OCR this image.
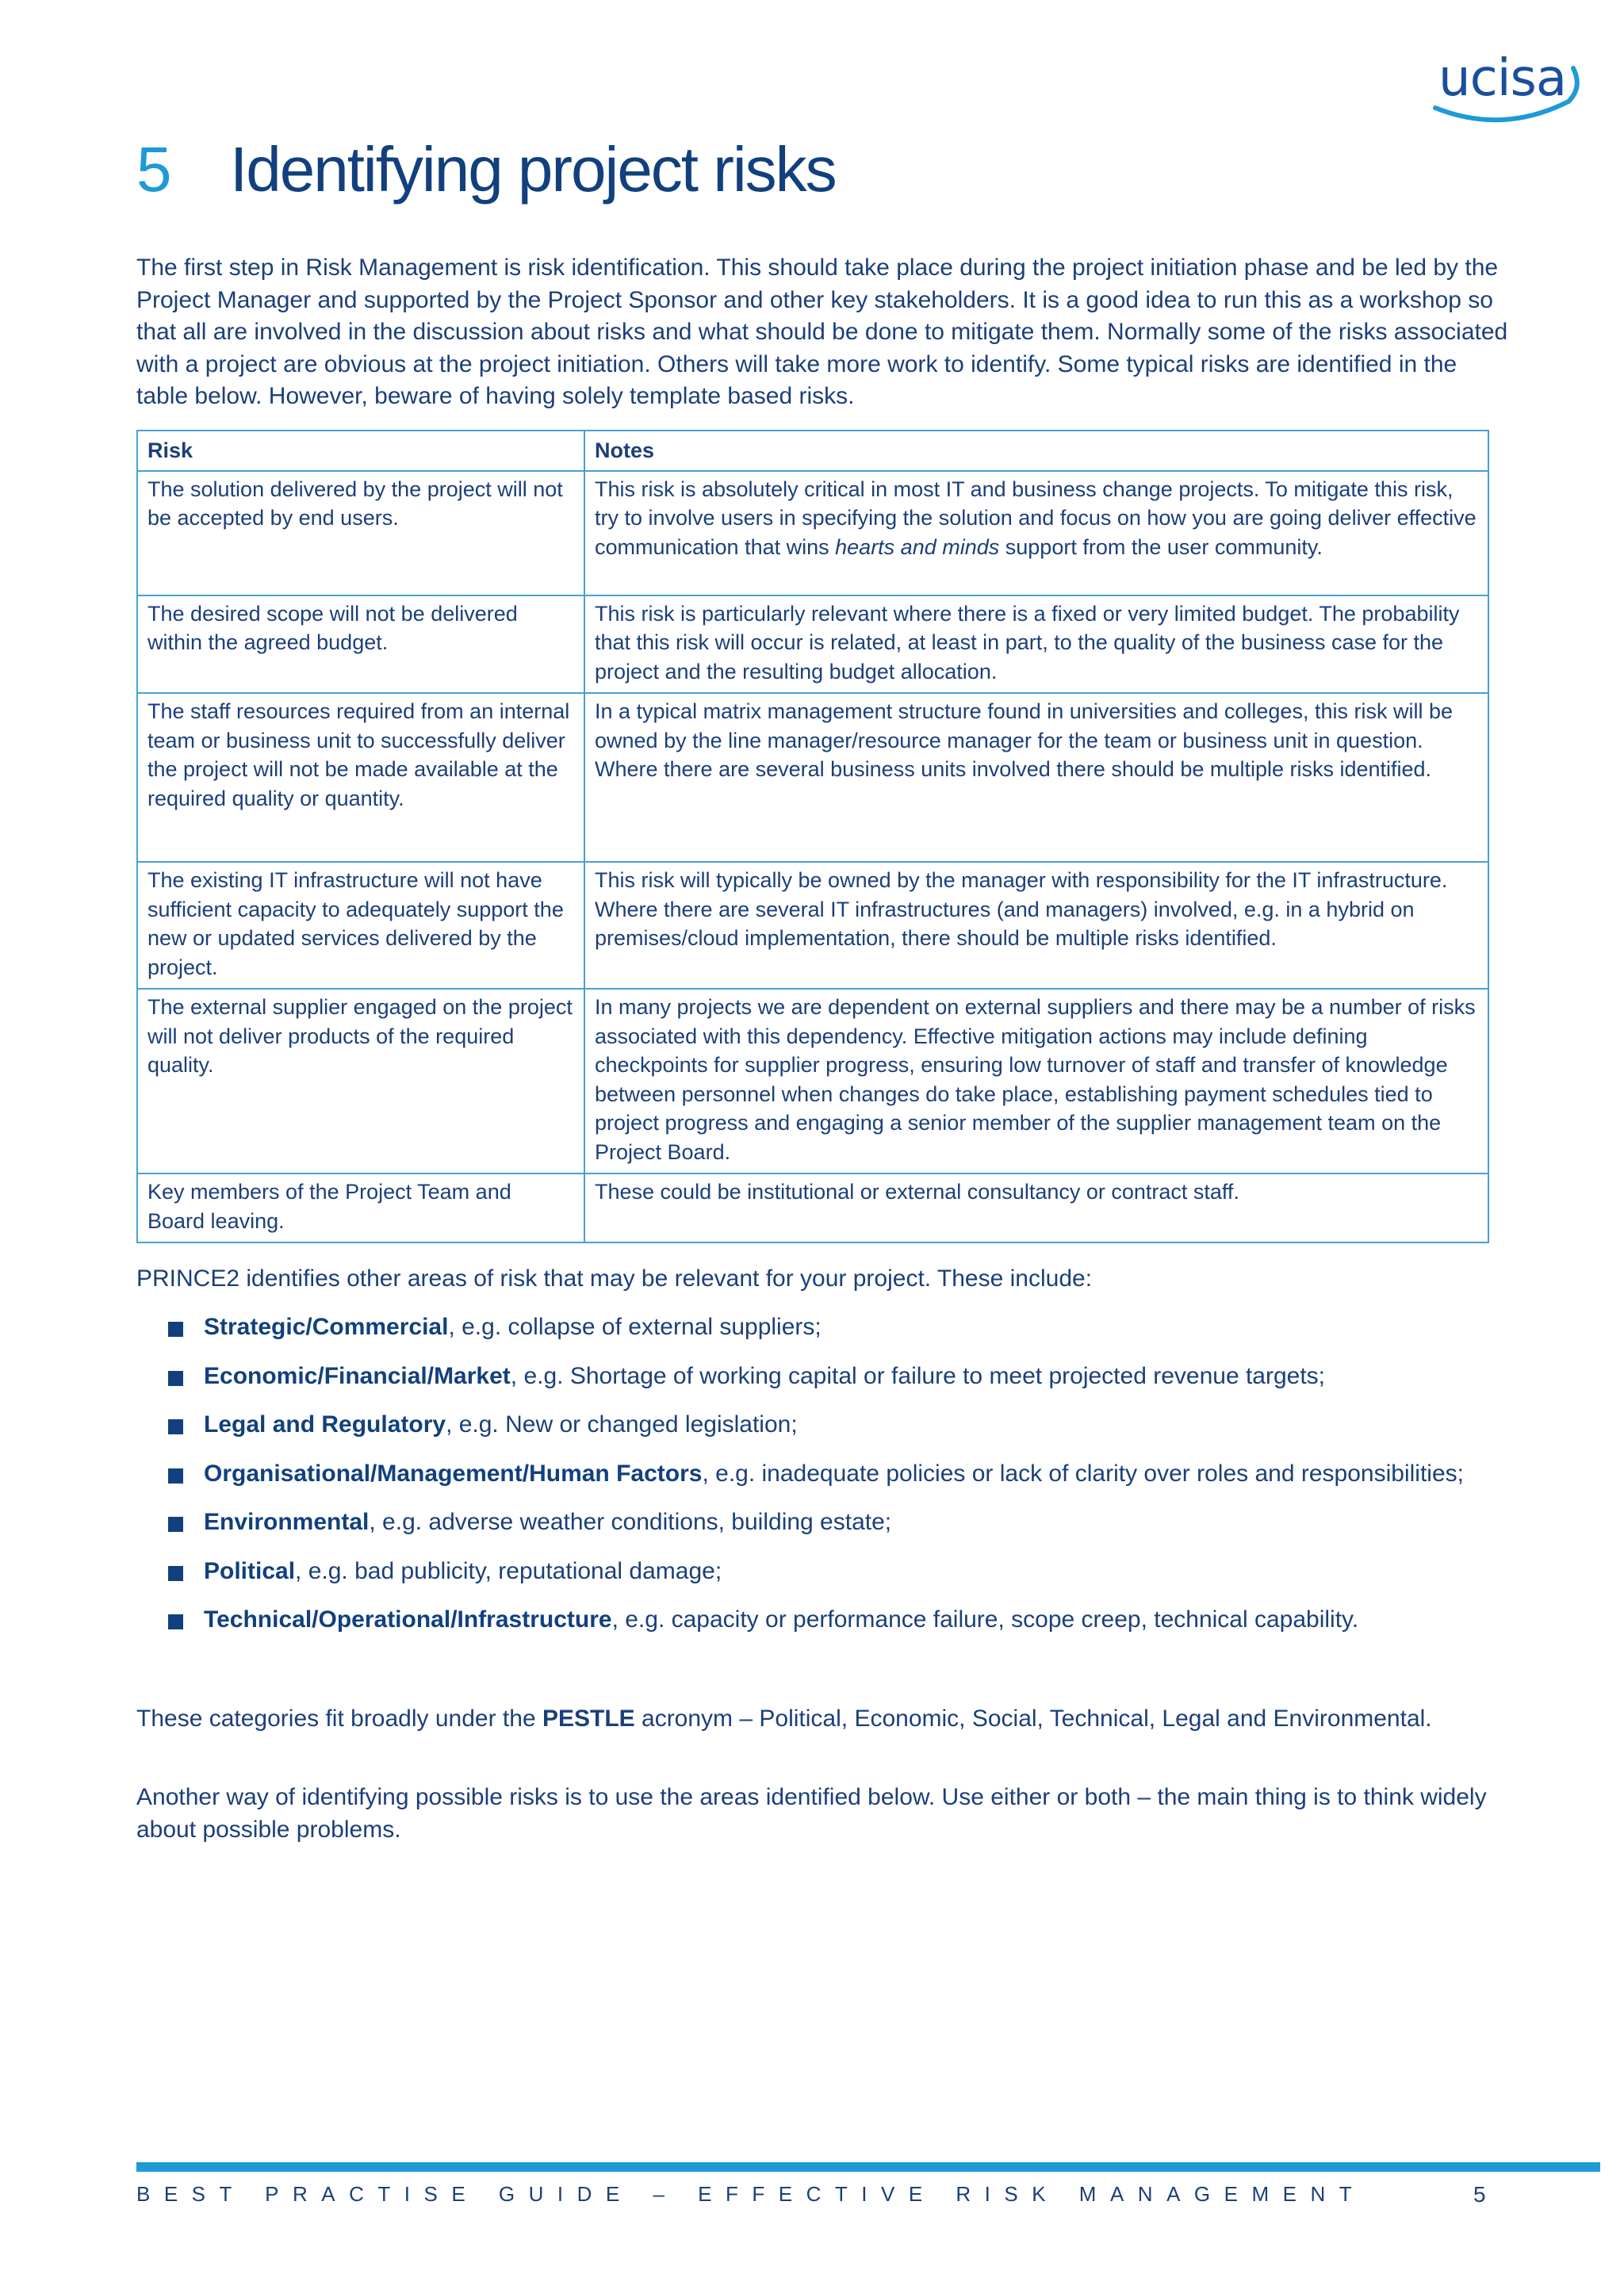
ucisa
5 Identifying project risks

The first step in Risk Management is risk identification. This should take place during the project initiation phase and be led by the Project Manager and supported by the Project Sponsor and other key stakeholders. It is a good idea to run this as a workshop so that all are involved in the discussion about risks and what should be done to mitigate them. Normally some of the risks associated with a project are obvious at the project initiation. Others will take more work to identify. Some typical risks are identified in the table below. However, beware of having solely template based risks.

Risk	Notes
The solution delivered by the project will not be accepted by end users.	This risk is absolutely critical in most IT and business change projects. To mitigate this risk, try to involve users in specifying the solution and focus on how you are going deliver effective communication that wins hearts and minds support from the user community.
The desired scope will not be delivered within the agreed budget.	This risk is particularly relevant where there is a fixed or very limited budget. The probability that this risk will occur is related, at least in part, to the quality of the business case for the project and the resulting budget allocation.
The staff resources required from an internal team or business unit to successfully deliver the project will not be made available at the required quality or quantity.	In a typical matrix management structure found in universities and colleges, this risk will be owned by the line manager/resource manager for the team or business unit in question. Where there are several business units involved there should be multiple risks identified.
The existing IT infrastructure will not have sufficient capacity to adequately support the new or updated services delivered by the project.	This risk will typically be owned by the manager with responsibility for the IT infrastructure. Where there are several IT infrastructures (and managers) involved, e.g. in a hybrid on premises/cloud implementation, there should be multiple risks identified.
The external supplier engaged on the project will not deliver products of the required quality.	In many projects we are dependent on external suppliers and there may be a number of risks associated with this dependency. Effective mitigation actions may include defining checkpoints for supplier progress, ensuring low turnover of staff and transfer of knowledge between personnel when changes do take place, establishing payment schedules tied to project progress and engaging a senior member of the supplier management team on the Project Board.
Key members of the Project Team and Board leaving.	These could be institutional or external consultancy or contract staff.

PRINCE2 identifies other areas of risk that may be relevant for your project. These include:

Strategic/Commercial, e.g. collapse of external suppliers;
Economic/Financial/Market, e.g. Shortage of working capital or failure to meet projected revenue targets;
Legal and Regulatory, e.g. New or changed legislation;
Organisational/Management/Human Factors, e.g. inadequate policies or lack of clarity over roles and responsibilities;
Environmental, e.g. adverse weather conditions, building estate;
Political, e.g. bad publicity, reputational damage;
Technical/Operational/Infrastructure, e.g. capacity or performance failure, scope creep, technical capability.

These categories fit broadly under the PESTLE acronym – Political, Economic, Social, Technical, Legal and Environmental.

Another way of identifying possible risks is to use the areas identified below. Use either or both – the main thing is to think widely about possible problems.

BEST PRACTISE GUIDE – EFFECTIVE RISK MANAGEMENT	5
